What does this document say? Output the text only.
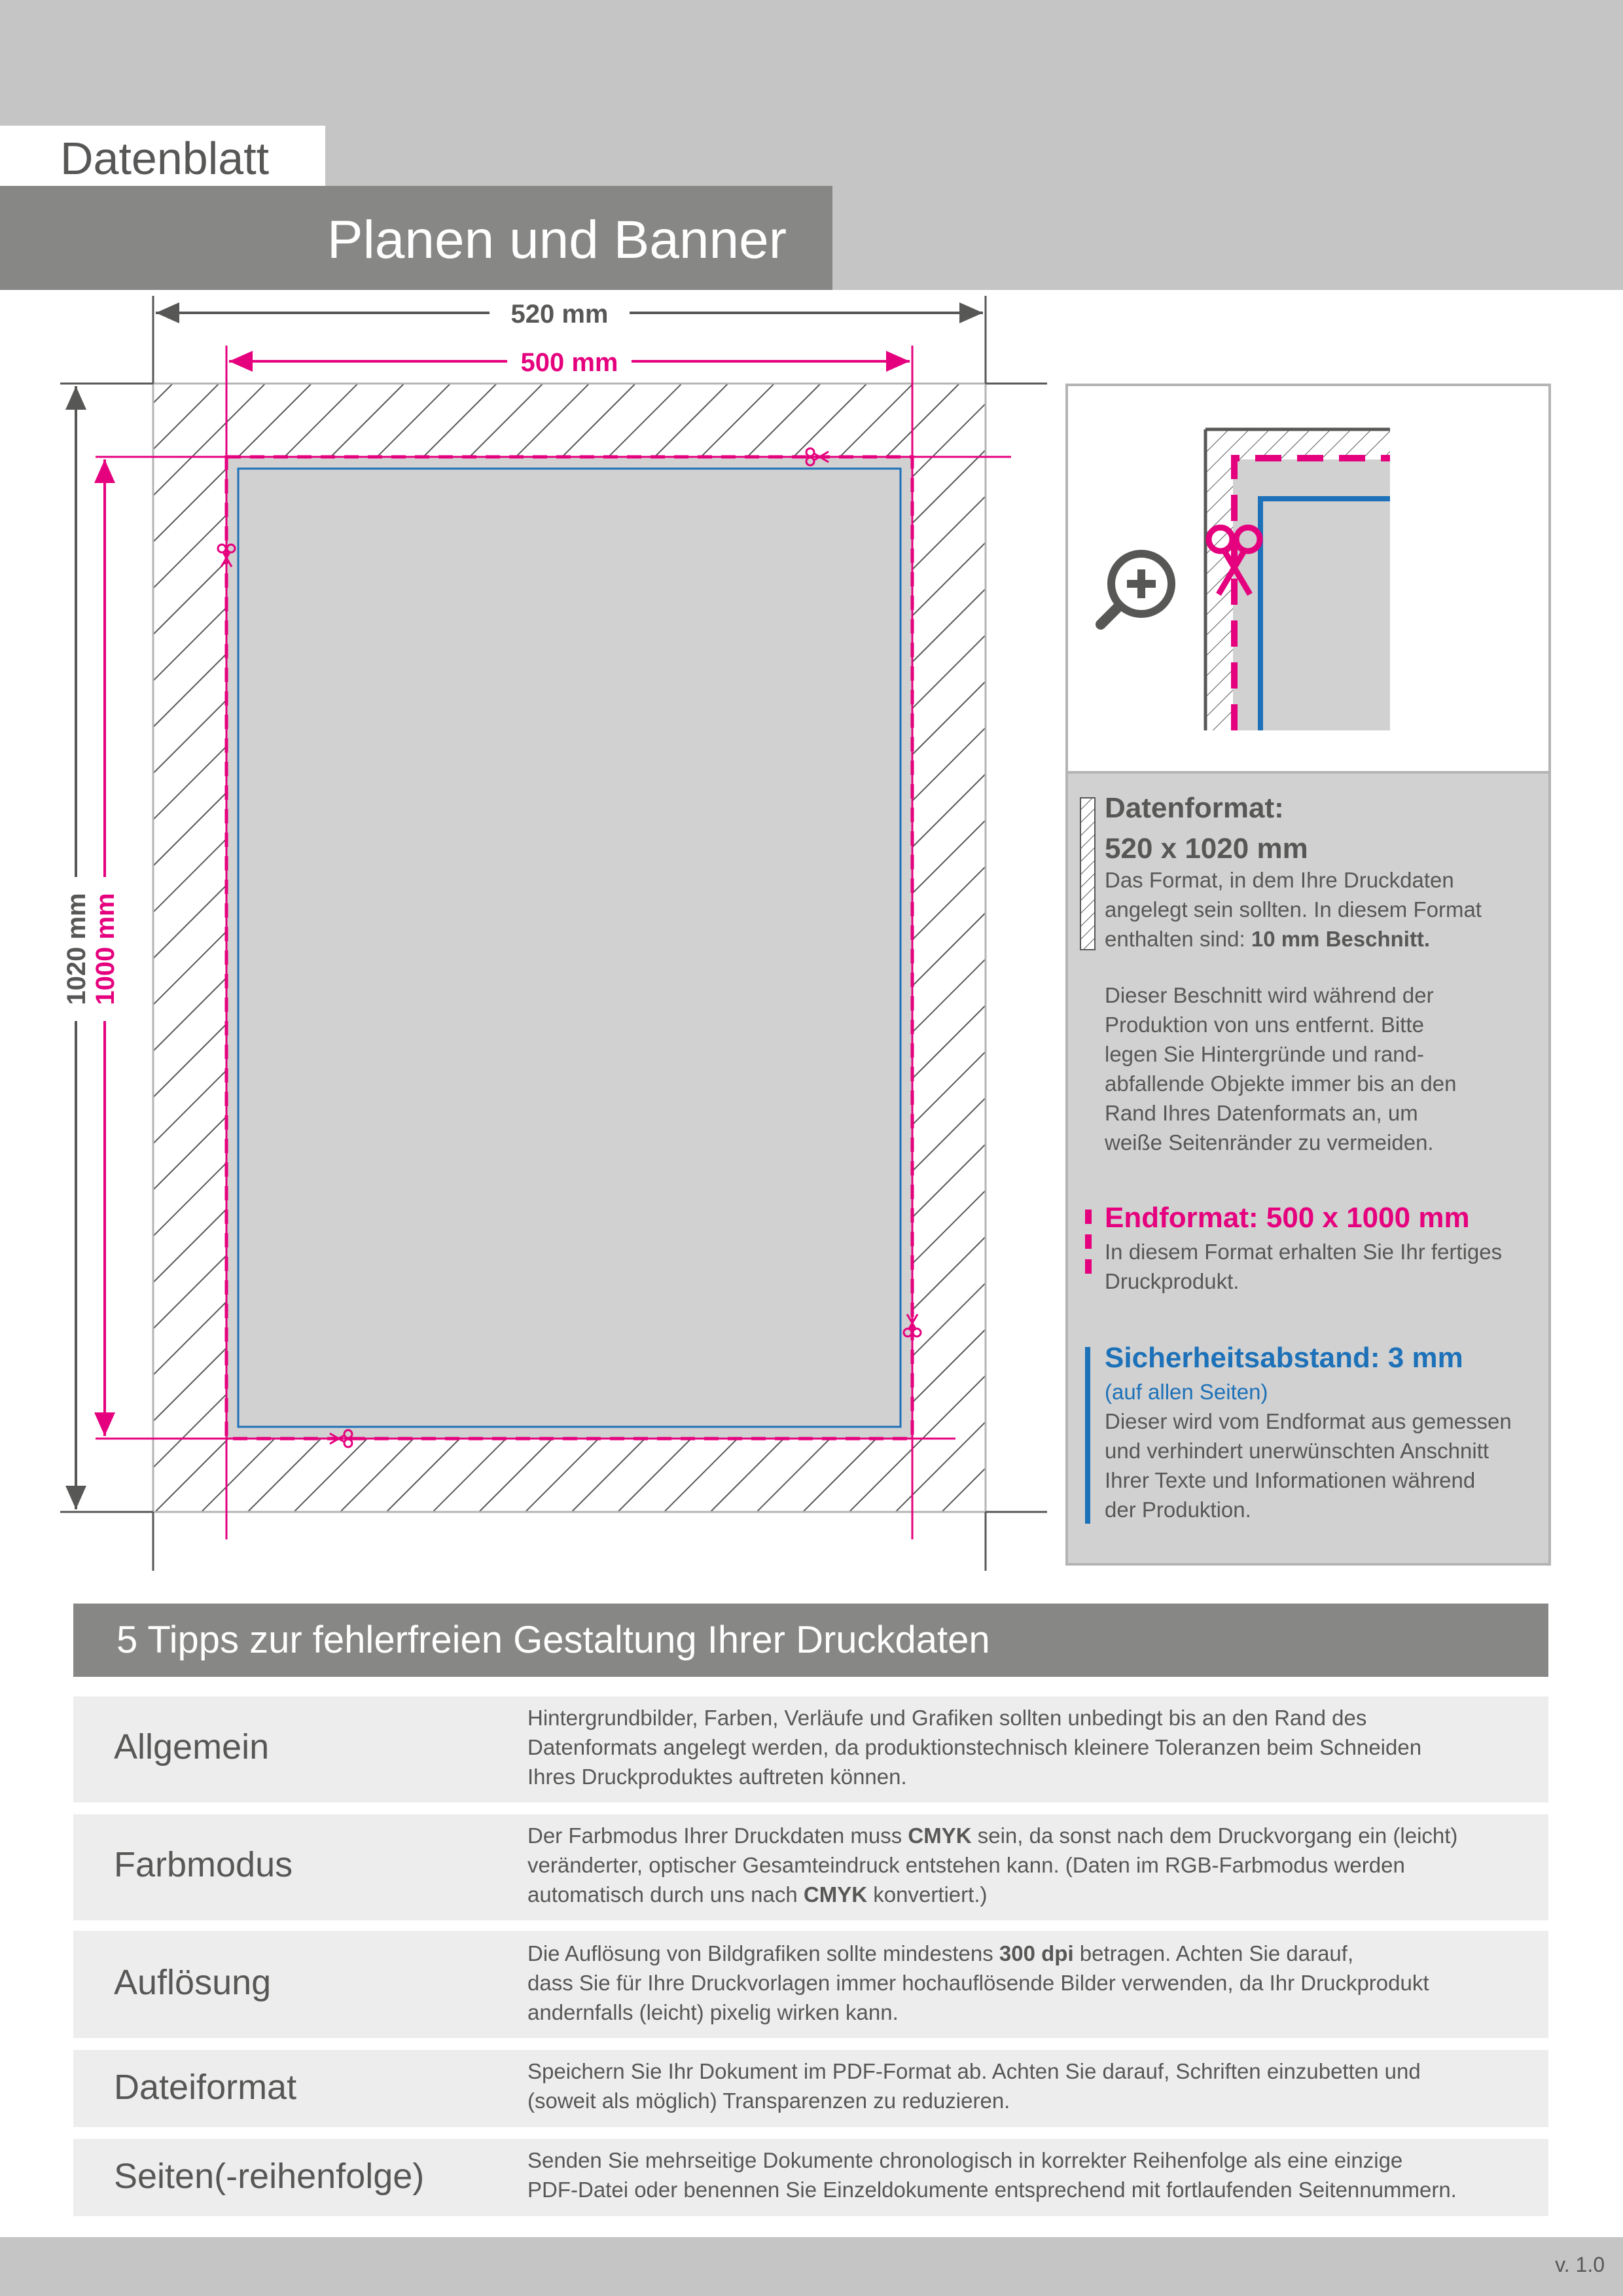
Datenblatt
Planen und Banner
520 mm
500 mm
1020 mm 1000 mm
Datenformat:
520 x 1020 mm
Das Format, in dem Ihre Druckdaten
angelegt sein sollten. In diesem Format
enthalten sind: 10 mm Beschnitt.
Dieser Beschnitt wird während der
Produktion von uns entfernt. Bitte
legen Sie Hintergründe und rand-
abfallende Objekte immer bis an den
Rand Ihres Datenformats an, um
weiße Seitenränder zu vermeiden.
Endformat: 500 x 1000 mm
In diesem Format erhalten Sie Ihr fertiges
Druckprodukt.
Sicherheitsabstand: 3 mm
(auf allen Seiten)
Dieser wird vom Endformat aus gemessen
und verhindert unerwünschten Anschnitt
Ihrer Texte und Informationen während
der Produktion.
5 Tipps zur fehlerfreien Gestaltung Ihrer Druckdaten
Allgemein
Hintergrundbilder, Farben, Verläufe und Grafiken sollten unbedingt bis an den Rand des
Datenformats angelegt werden, da produktionstechnisch kleinere Toleranzen beim Schneiden
Ihres Druckproduktes auftreten können.
Farbmodus
Der Farbmodus Ihrer Druckdaten muss CMYK sein, da sonst nach dem Druckvorgang ein (leicht)
veränderter, optischer Gesamteindruck entstehen kann. (Daten im RGB-Farbmodus werden
automatisch durch uns nach CMYK konvertiert.)
Auflösung
Die Auflösung von Bildgrafiken sollte mindestens 300 dpi betragen. Achten Sie darauf,
dass Sie für Ihre Druckvorlagen immer hochauflösende Bilder verwenden, da Ihr Druckprodukt
andernfalls (leicht) pixelig wirken kann.
Dateiformat	Speichern Sie Ihr Dokument im PDF-Format ab. Achten Sie darauf, Schriften einzubetten und
(soweit als möglich) Transparenzen zu reduzieren.
Seiten(-reihenfolge)	Senden Sie mehrseitige Dokumente chronologisch in korrekter Reihenfolge als eine einzige
PDF-Datei oder benennen Sie Einzeldokumente entsprechend mit fortlaufenden Seitennummern.
v. 1.0
